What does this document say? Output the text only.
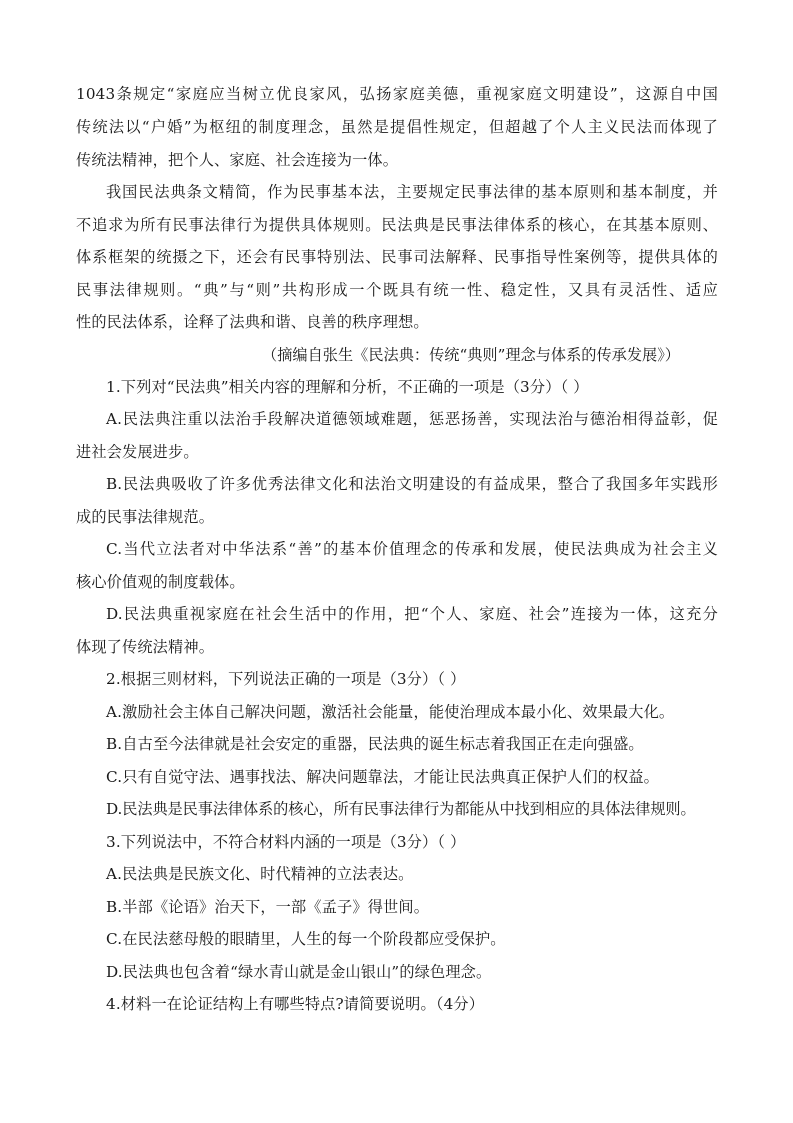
1043条规定“家庭应当树立优良家风，弘扬家庭美德，重视家庭文明建设”，这源自中国
传统法以“户婚”为枢纽的制度理念，虽然是提倡性规定，但超越了个人主义民法而体现了
传统法精神，把个人、家庭、社会连接为一体。
我国民法典条文精简，作为民事基本法，主要规定民事法律的基本原则和基本制度，并
不追求为所有民事法律行为提供具体规则。民法典是民事法律体系的核心，在其基本原则、
体系框架的统摄之下，还会有民事特别法、民事司法解释、民事指导性案例等，提供具体的
民事法律规则。“典”与“则”共构形成一个既具有统一性、稳定性，又具有灵活性、适应
性的民法体系，诠释了法典和谐、良善的秩序理想。
（摘编自张生《民法典：传统“典则”理念与体系的传承发展》）
1.下列对“民法典”相关内容的理解和分析，不正确的一项是（3分）（ ）
A.民法典注重以法治手段解决道德领域难题，惩恶扬善，实现法治与德治相得益彰，促
进社会发展进步。
B.民法典吸收了许多优秀法律文化和法治文明建设的有益成果，整合了我国多年实践形
成的民事法律规范。
C.当代立法者对中华法系“善”的基本价值理念的传承和发展，使民法典成为社会主义
核心价值观的制度载体。
D.民法典重视家庭在社会生活中的作用，把“个人、家庭、社会”连接为一体，这充分
体现了传统法精神。
2.根据三则材料，下列说法正确的一项是（3分）（ ）
A.激励社会主体自己解决问题，激活社会能量，能使治理成本最小化、效果最大化。
B.自古至今法律就是社会安定的重器，民法典的诞生标志着我国正在走向强盛。
C.只有自觉守法、遇事找法、解决问题靠法，才能让民法典真正保护人们的权益。
D.民法典是民事法律体系的核心，所有民事法律行为都能从中找到相应的具体法律规则。
3.下列说法中，不符合材料内涵的一项是（3分）（ ）
A.民法典是民族文化、时代精神的立法表达。
B.半部《论语》治天下，一部《孟子》得世间。
C.在民法慈母般的眼睛里，人生的每一个阶段都应受保护。
D.民法典也包含着“绿水青山就是金山银山”的绿色理念。
4.材料一在论证结构上有哪些特点?请简要说明。（4分）
